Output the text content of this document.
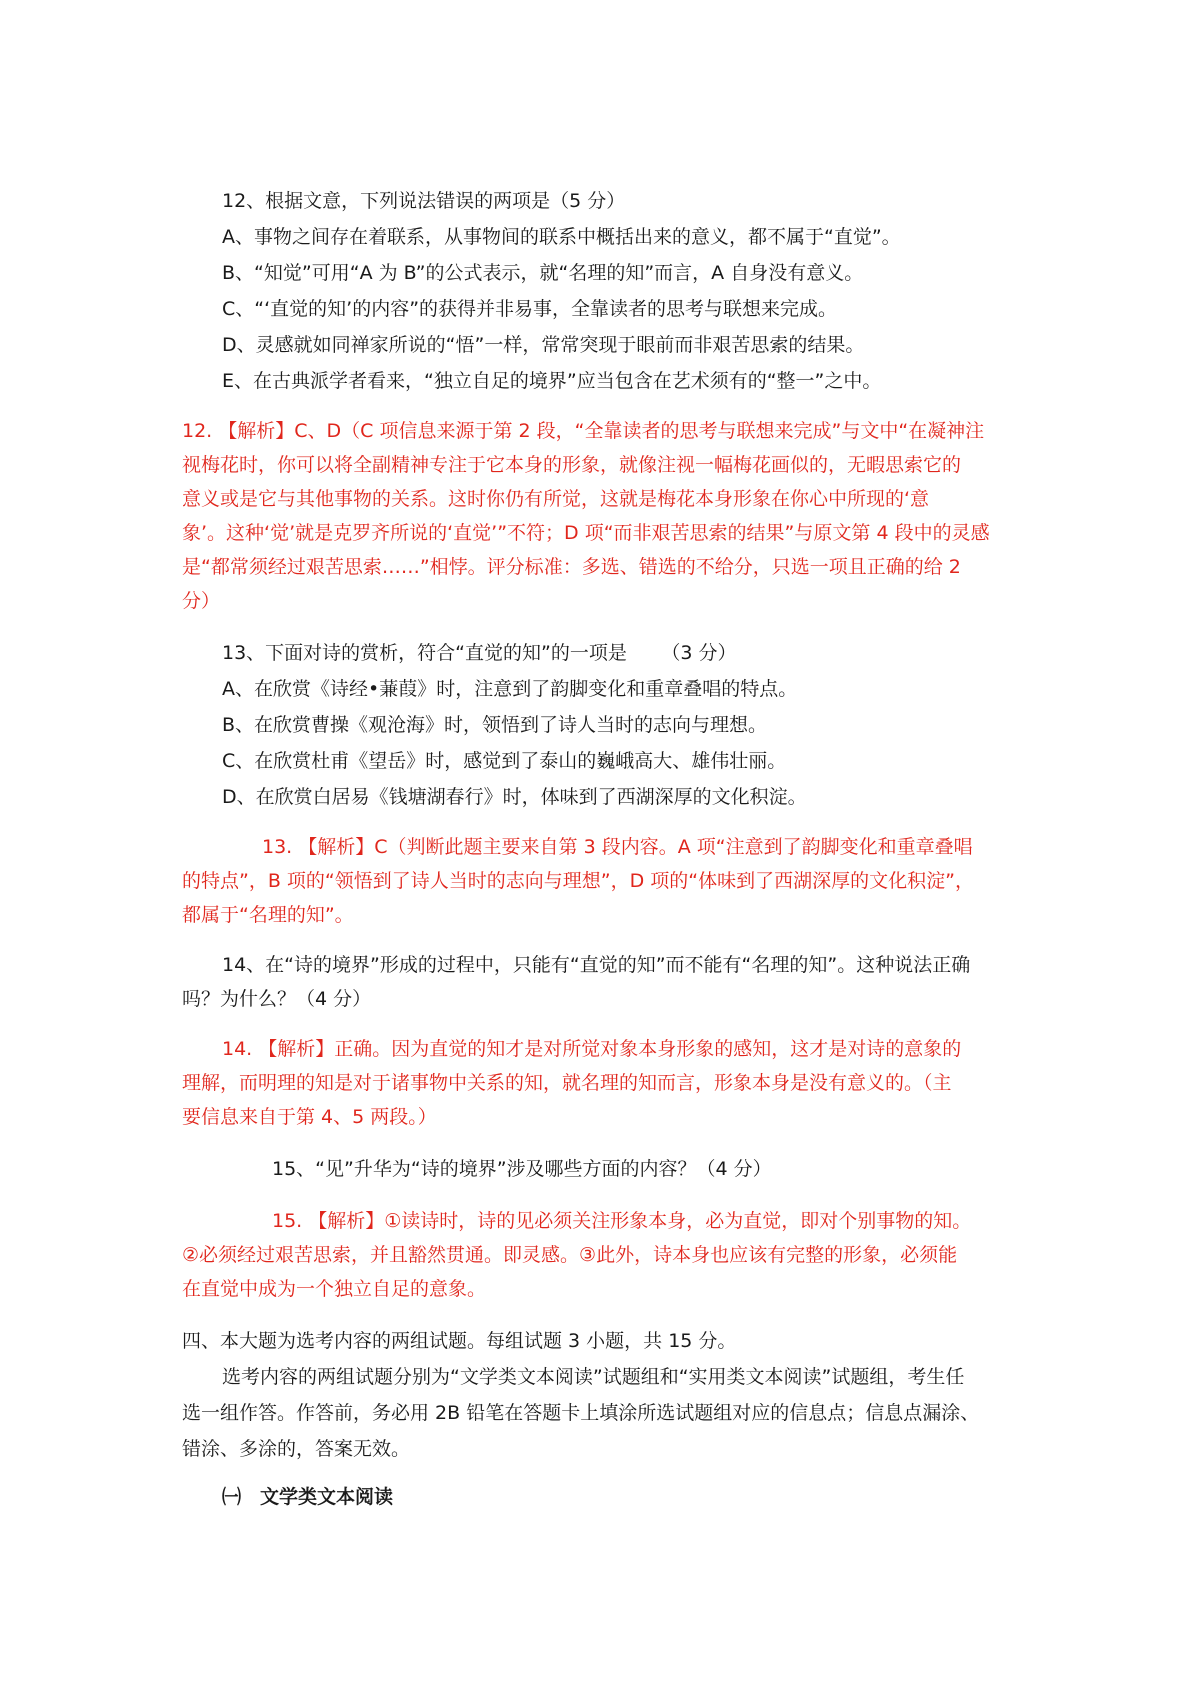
12、根据文意，下列说法错误的两项是（5 分）
A、事物之间存在着联系，从事物间的联系中概括出来的意义，都不属于“直觉”。
B、“知觉”可用“A 为 B”的公式表示，就“名理的知”而言，A 自身没有意义。
C、“‘直觉的知’的内容”的获得并非易事，全靠读者的思考与联想来完成。
D、灵感就如同禅家所说的“悟”一样，常常突现于眼前而非艰苦思索的结果。
E、在古典派学者看来，“独立自足的境界”应当包含在艺术须有的“整一”之中。
12. 【解析】C、D（C 项信息来源于第 2 段，“全靠读者的思考与联想来完成”与文中“在凝神注
视梅花时，你可以将全副精神专注于它本身的形象，就像注视一幅梅花画似的，无暇思索它的
意义或是它与其他事物的关系。这时你仍有所觉，这就是梅花本身形象在你心中所现的‘意
象’。这种‘觉’就是克罗齐所说的‘直觉’”不符；D 项“而非艰苦思索的结果”与原文第 4 段中的灵感
是“都常须经过艰苦思索……”相悖。评分标准：多选、错选的不给分，只选一项且正确的给 2
分）
13、下面对诗的赏析，符合“直觉的知”的一项是 　　（3 分）
A、在欣赏《诗经•蒹葭》时，注意到了韵脚变化和重章叠唱的特点。
B、在欣赏曹操《观沧海》时，领悟到了诗人当时的志向与理想。
C、在欣赏杜甫《望岳》时，感觉到了泰山的巍峨高大、雄伟壮丽。
D、在欣赏白居易《钱塘湖春行》时，体味到了西湖深厚的文化积淀。
13. 【解析】C（判断此题主要来自第 3 段内容。A 项“注意到了韵脚变化和重章叠唱
的特点”，B 项的“领悟到了诗人当时的志向与理想”，D 项的“体味到了西湖深厚的文化积淀”，
都属于“名理的知”。
14、在“诗的境界”形成的过程中，只能有“直觉的知”而不能有“名理的知”。这种说法正确
吗？为什么？（4 分）
14. 【解析】正确。因为直觉的知才是对所觉对象本身形象的感知，这才是对诗的意象的
理解，而明理的知是对于诸事物中关系的知，就名理的知而言，形象本身是没有意义的。（主
要信息来自于第 4、5 两段。）
15、“见”升华为“诗的境界”涉及哪些方面的内容？（4 分）
15. 【解析】①读诗时，诗的见必须关注形象本身，必为直觉，即对个别事物的知。
②必须经过艰苦思索，并且豁然贯通。即灵感。③此外，诗本身也应该有完整的形象，必须能
在直觉中成为一个独立自足的意象。
四、本大题为选考内容的两组试题。每组试题 3 小题，共 15 分。
选考内容的两组试题分别为“文学类文本阅读”试题组和“实用类文本阅读”试题组，考生任
选一组作答。作答前，务必用 2B 铅笔在答题卡上填涂所选试题组对应的信息点；信息点漏涂、
错涂、多涂的，答案无效。
㈠　文学类文本阅读
